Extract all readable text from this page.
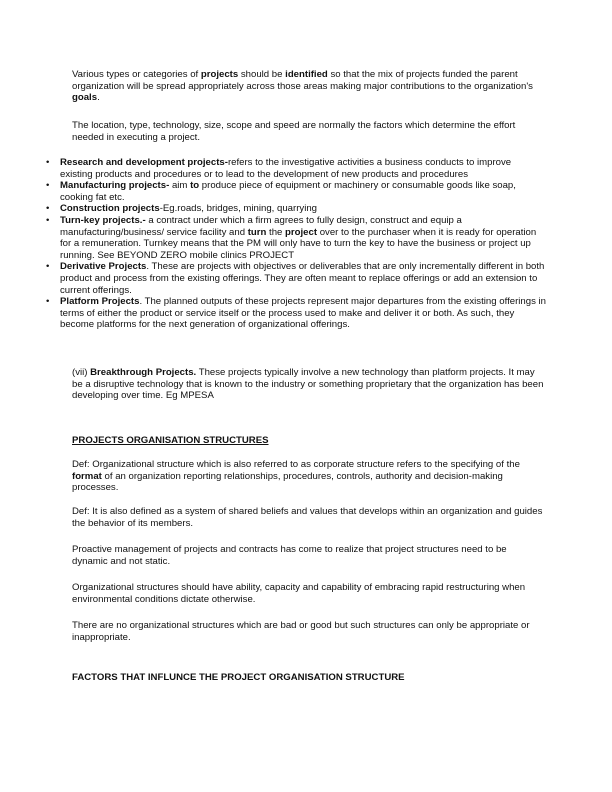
Various types or categories of projects should be identified so that the mix of projects funded the parent organization will be spread appropriately across those areas making major contributions to the organization's goals.

The location, type, technology, size, scope and speed are normally the factors which determine the effort needed in executing a project.

• Research and development projects-refers to the investigative activities a business conducts to improve existing products and procedures or to lead to the development of new products and procedures
• Manufacturing projects- aim to produce piece of equipment or machinery or consumable goods like soap, cooking fat etc.
• Construction projects-Eg.roads, bridges, mining, quarrying
• Turn-key projects.- a contract under which a firm agrees to fully design, construct and equip a manufacturing/business/ service facility and turn the project over to the purchaser when it is ready for operation for a remuneration. Turnkey means that the PM will only have to turn the key to have the business or project up running. See BEYOND ZERO mobile clinics PROJECT
• Derivative Projects. These are projects with objectives or deliverables that are only incrementally different in both product and process from the existing offerings. They are often meant to replace offerings or add an extension to current offerings.
• Platform Projects. The planned outputs of these projects represent major departures from the existing offerings in terms of either the product or service itself or the process used to make and deliver it or both. As such, they become platforms for the next generation of organizational offerings.

(vii) Breakthrough Projects. These projects typically involve a new technology than platform projects. It may be a disruptive technology that is known to the industry or something proprietary that the organization has been developing over time. Eg MPESA

PROJECTS ORGANISATION STRUCTURES

Def: Organizational structure which is also referred to as corporate structure refers to the specifying of the format of an organization reporting relationships, procedures, controls, authority and decision-making processes.

Def: It is also defined as a system of shared beliefs and values that develops within an organization and guides the behavior of its members.

Proactive management of projects and contracts has come to realize that project structures need to be dynamic and not static.

Organizational structures should have ability, capacity and capability of embracing rapid restructuring when environmental conditions dictate otherwise.

There are no organizational structures which are bad or good but such structures can only be appropriate or inappropriate.

FACTORS THAT INFLUNCE THE PROJECT ORGANISATION STRUCTURE
